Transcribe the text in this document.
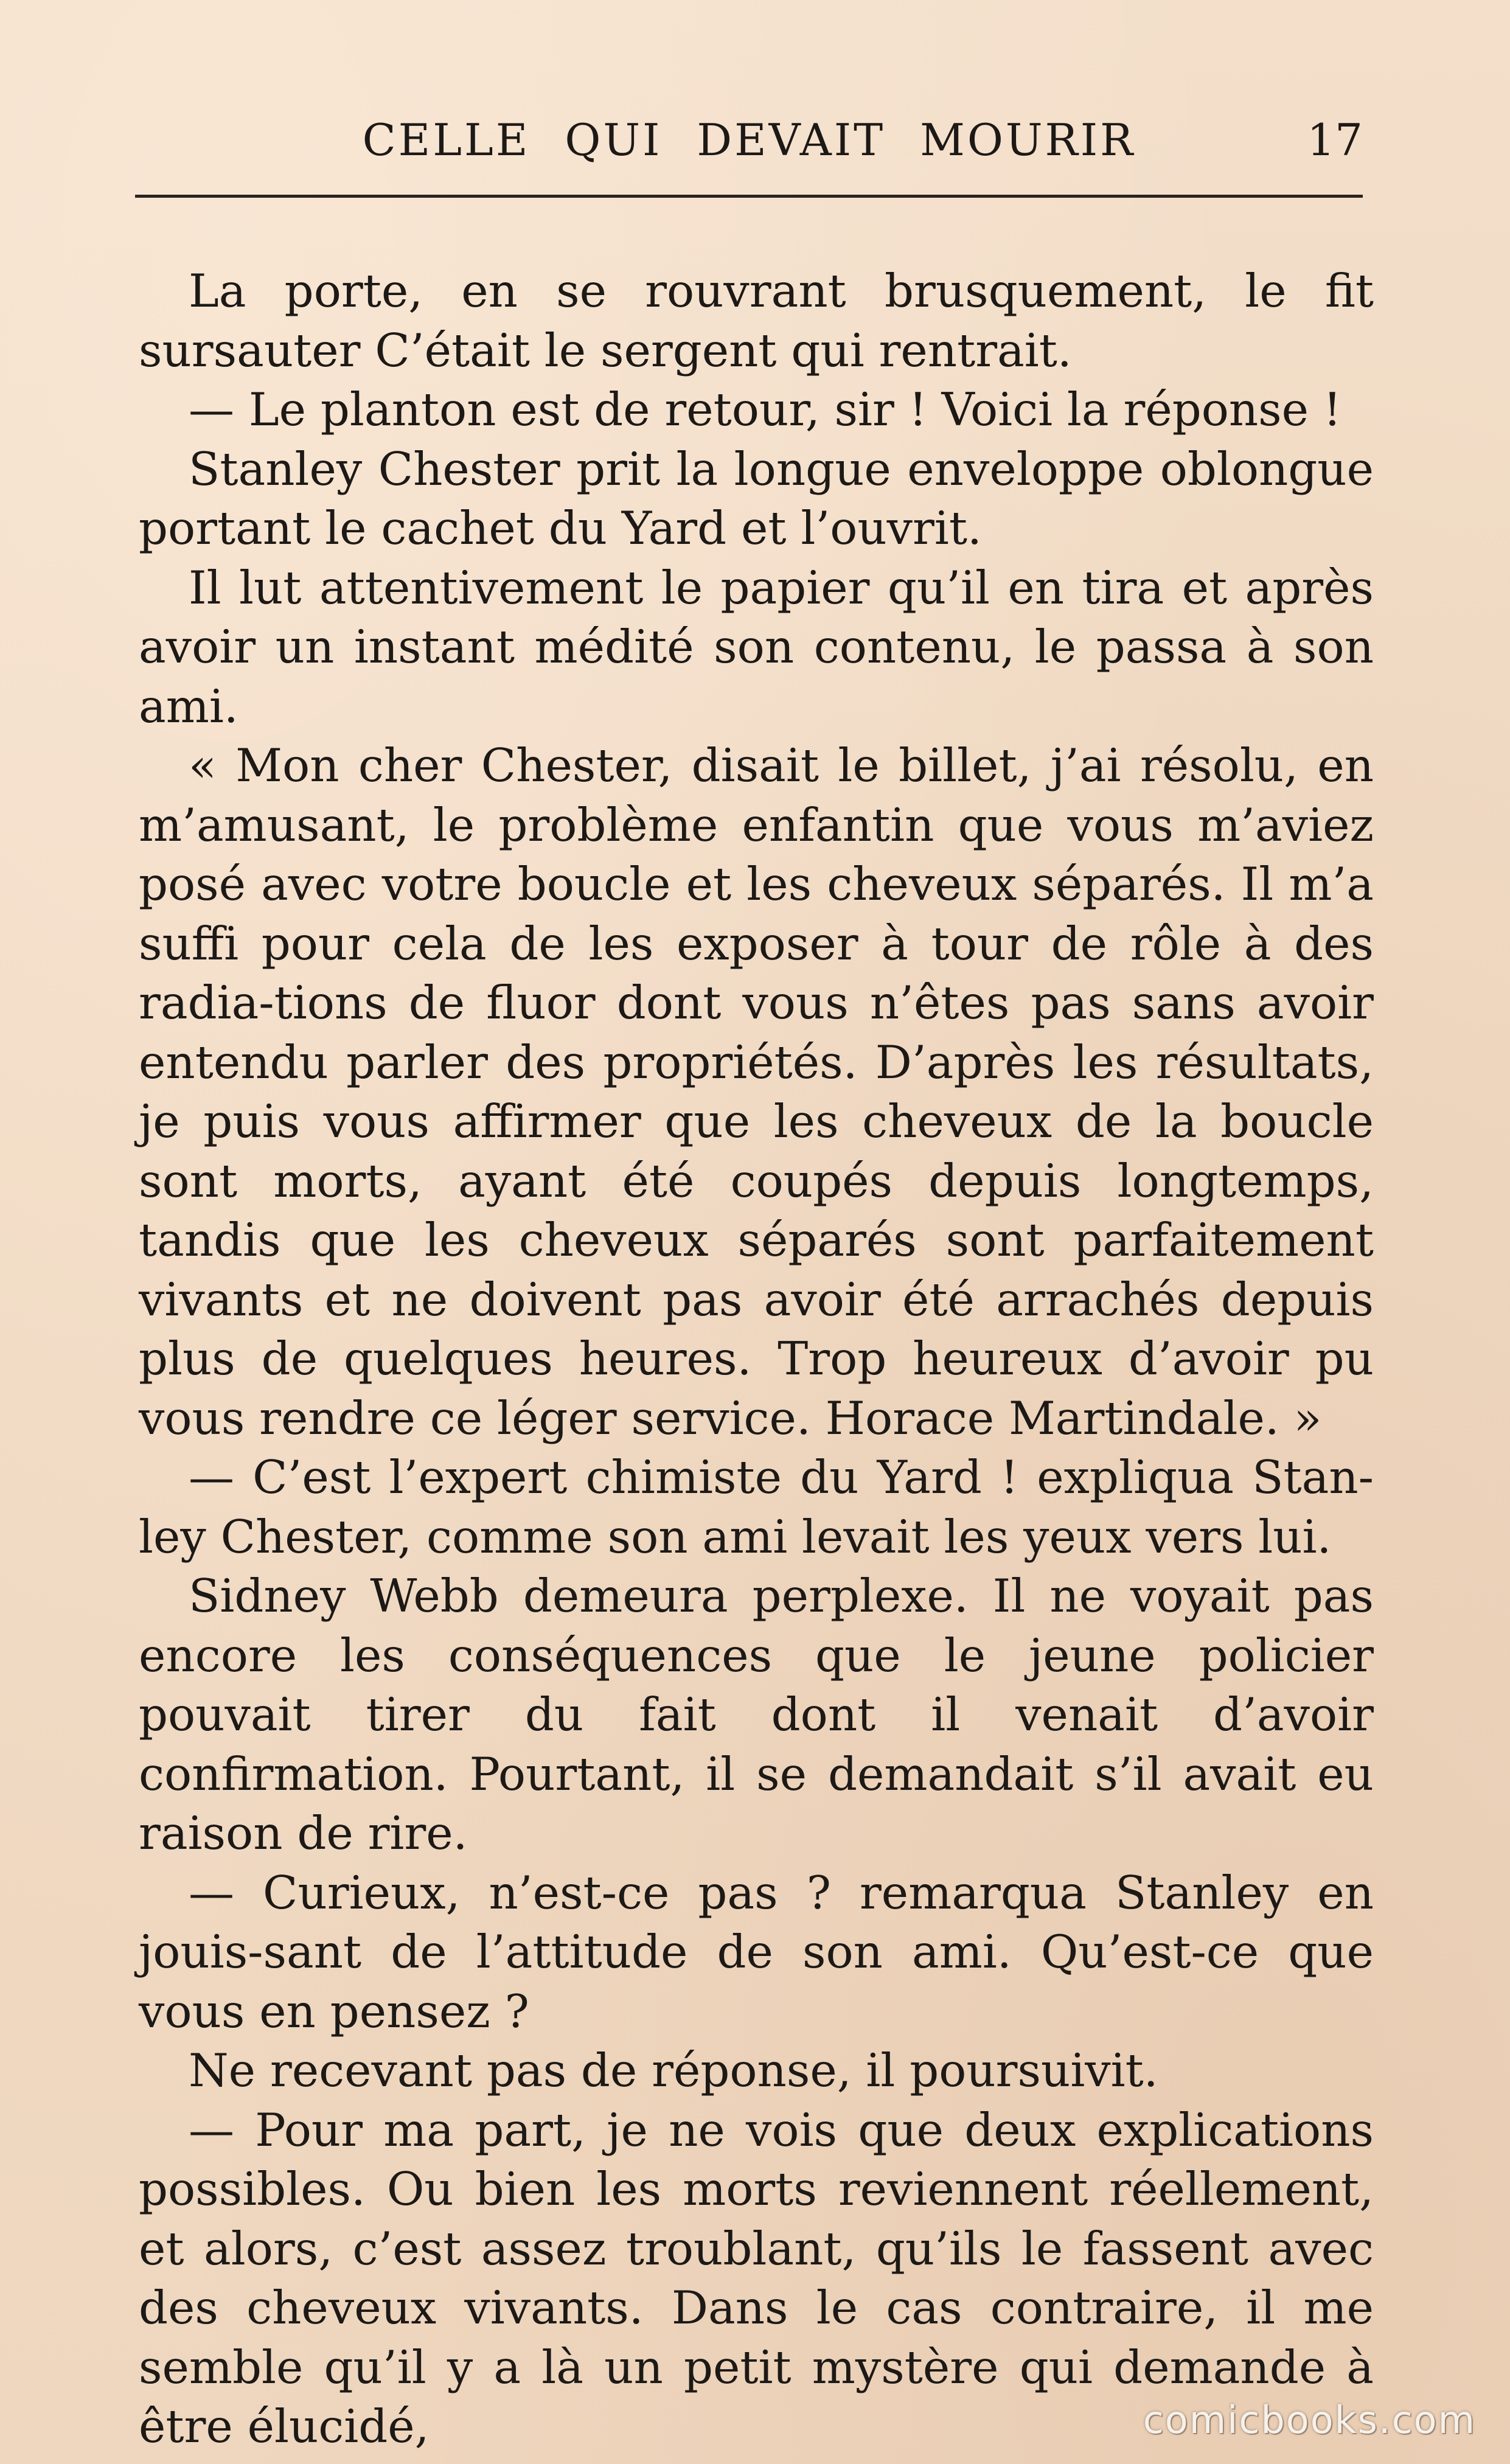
CELLE QUI DEVAIT MOURIR	17

La porte, en se rouvrant brusquement, le fit sursauter C’était le sergent qui rentrait.

— Le planton est de retour, sir ! Voici la réponse !

Stanley Chester prit la longue enveloppe oblongue portant le cachet du Yard et l’ouvrit.

Il lut attentivement le papier qu’il en tira et après avoir un instant médité son contenu, le passa à son ami.

« Mon cher Chester, disait le billet, j’ai résolu, en m’amusant, le problème enfantin que vous m’aviez posé avec votre boucle et les cheveux séparés. Il m’a suffi pour cela de les exposer à tour de rôle à des radia-tions de fluor dont vous n’êtes pas sans avoir entendu parler des propriétés. D’après les résultats, je puis vous affirmer que les cheveux de la boucle sont morts, ayant été coupés depuis longtemps, tandis que les cheveux séparés sont parfaitement vivants et ne doivent pas avoir été arrachés depuis plus de quelques heures. Trop heureux d’avoir pu vous rendre ce léger service. Horace Martindale. »

— C’est l’expert chimiste du Yard ! expliqua Stan-ley Chester, comme son ami levait les yeux vers lui.

Sidney Webb demeura perplexe. Il ne voyait pas encore les conséquences que le jeune policier pouvait tirer du fait dont il venait d’avoir confirmation. Pourtant, il se demandait s’il avait eu raison de rire.

— Curieux, n’est-ce pas ? remarqua Stanley en jouis-sant de l’attitude de son ami. Qu’est-ce que vous en pensez ?

Ne recevant pas de réponse, il poursuivit.

— Pour ma part, je ne vois que deux explications possibles. Ou bien les morts reviennent réellement, et alors, c’est assez troublant, qu’ils le fassent avec des cheveux vivants. Dans le cas contraire, il me semble qu’il y a là un petit mystère qui demande à être élucidé,	comicbooks.com
